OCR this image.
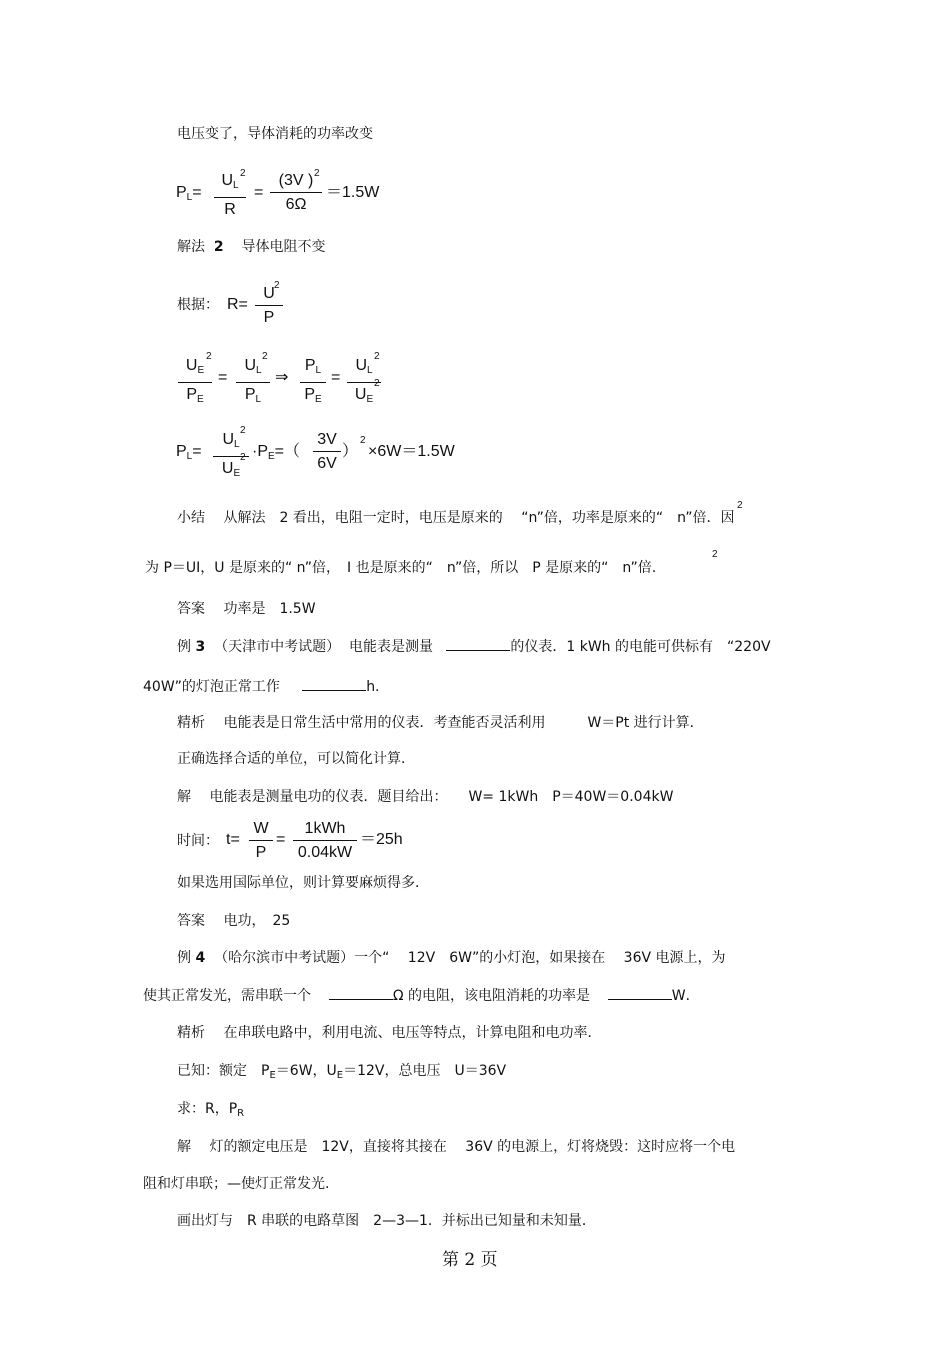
电压变了，导体消耗的功率改变
$P_L=$
$U_L$
R
2
=
(3V )
6Ω
2
＝1.5W
解法 2 导体电阻不变
根据： R=
U
P
2
$U_E$
$P_E$
2
=
$U_L$
$P_L$
2
⇒
$P_L$
$P_E$
=
$U_L$
$U_E$
2
2
$P_L=$
$U_L$
$U_E$
2
$2 \cdot P_E=$（
3V
6V
）
2
×6W＝1.5W
小结　 从解法　2 看出，电阻一定时，电压是原来的　 “n”倍，功率是原来的“　n”倍．因
2
为 P＝UI，U 是原来的“ n”倍，　I 也是原来的“　n”倍，所以　P 是原来的“　n”倍.
2
答案　 功率是　1.5W
例 3 （天津市中考试题）  电能表是测量	的仪表．1 kWh 的电能可供标有　“220V
40W”的灯泡正常工作	h.
精析　 电能表是日常生活中常用的仪表．考查能否灵活利用　　　W＝Pt 进行计算．
正确选择合适的单位，可以简化计算．
解　 电能表是测量电功的仪表．题目给出：　　W= 1kWh　P＝40W＝0.04kW
时间： t=
W
P
=
1kWh
0.04kW
＝25h
如果选用国际单位，则计算要麻烦得多．
答案　 电功，　25
例 4 （哈尔滨市中考试题）一个“　 12V　6W”的小灯泡，如果接在　 36V 电源上，为
使其正常发光，需串联一个	Ω 的电阻，该电阻消耗的功率是	W．
精析　 在串联电路中，利用电流、电压等特点，计算电阻和电功率．
已知：额定　$P_E=6W$，$U_E=12V$，总电压　U＝36V
求：R，$P_R$
解　 灯的额定电压是　12V，直接将其接在　 36V 的电源上，灯将烧毁：这时应将一个电
阻和灯串联；—使灯正常发光.
画出灯与　R 串联的电路草图　2—3—1．并标出已知量和未知量．
第 2 页
